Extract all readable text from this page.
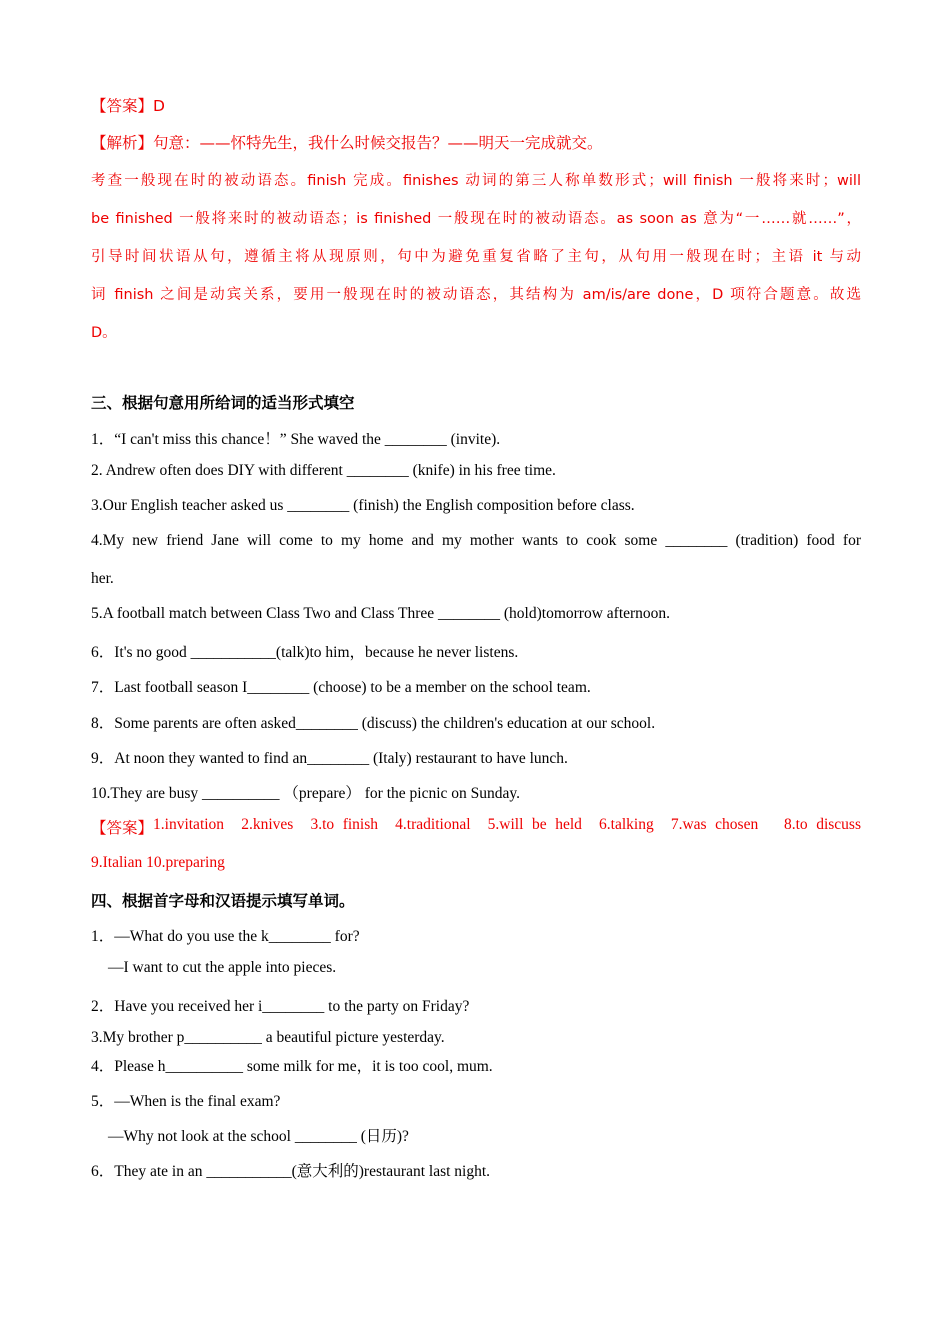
【答案】D
【解析】句意：——怀特先生，我什么时候交报告？——明天一完成就交。
考查一般现在时的被动语态。finish 完成。finishes 动词的第三人称单数形式；will finish 一般将来时；will
be finished 一般将来时的被动语态；is finished 一般现在时的被动语态。as soon as 意为“一……就……”，
引导时间状语从句，遵循主将从现原则，句中为避免重复省略了主句，从句用一般现在时；主语 it 与动
词 finish 之间是动宾关系，要用一般现在时的被动语态，其结构为 am/is/are done，D 项符合题意。故选
D。
三、根据句意用所给词的适当形式填空
1．“I can't miss this chance！” She waved the ________ (invite).
2. Andrew often does DIY with different ________ (knife) in his free time.
3.Our English teacher asked us ________ (finish) the English composition before class.
4.My new friend Jane will come to my home and my mother wants to cook some ________ (tradition) food for
her.
5.A football match between Class Two and Class Three ________ (hold)tomorrow afternoon.
6．It's no good ___________(talk)to him，because he never listens.
7．Last football season I________ (choose) to be a member on the school team.
8．Some parents are often asked________ (discuss) the children's education at our school.
9．At noon they wanted to find an________ (Italy) restaurant to have lunch.
10.They are busy __________ （prepare） for the picnic on Sunday.
【答案】 1.invitation  2.knives  3.to finish  4.traditional  5.will be held  6.talking  7.was chosen   8.to discuss
9.Italian 10.preparing
四、根据首字母和汉语提示填写单词。
1．—What do you use the k________ for?
—I want to cut the apple into pieces.
2．Have you received her i________ to the party on Friday?
3.My brother p__________ a beautiful picture yesterday.
4．Please h__________ some milk for me，it is too cool, mum.
5．—When is the final exam?
—Why not look at the school ________ (日历)?
6．They ate in an ___________(意大利的)restaurant last night.
